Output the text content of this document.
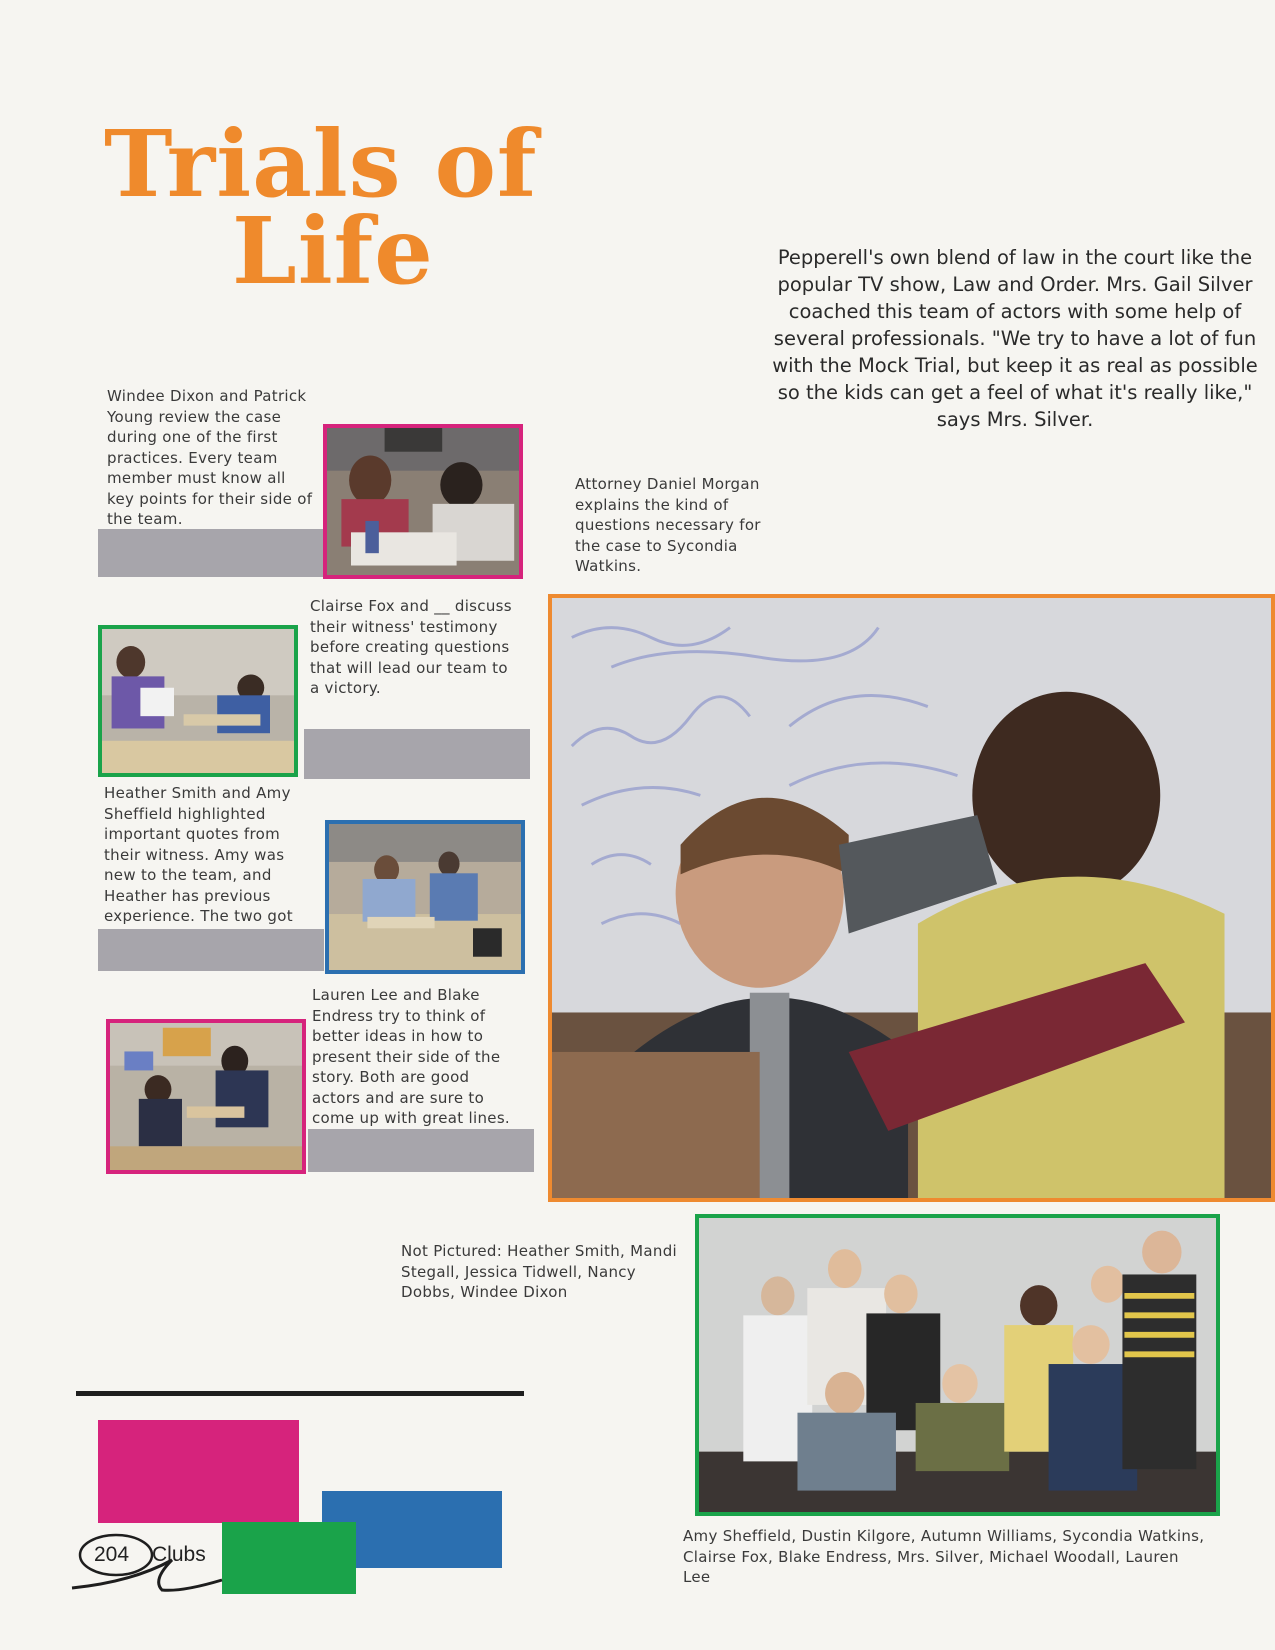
Trials of
Life	Pepperell's own blend of law in the court like the popular TV show, Law and Order. Mrs. Gail Silver coached this team of actors with some help of several professionals. "We try to have a lot of fun with the Mock Trial, but keep it as real as possible so the kids can get a feel of what it's really like," says Mrs. Silver.
Windee Dixon and Patrick Young review the case during one of the first practices. Every team member must know all key points for their side of the team.
Attorney Daniel Morgan explains the kind of questions necessary for the case to Sycondia Watkins.
Clairse Fox and __ discuss their witness' testimony before creating questions that will lead our team to a victory.
Heather Smith and Amy Sheffield highlighted important quotes from their witness. Amy was new to the team, and Heather has previous experience. The two got
Lauren Lee and Blake Endress try to think of better ideas in how to present their side of the story. Both are good actors and are sure to come up with great lines.
Not Pictured: Heather Smith, Mandi Stegall, Jessica Tidwell, Nancy Dobbs, Windee Dixon
Amy Sheffield, Dustin Kilgore, Autumn Williams, Sycondia Watkins, Clairse Fox, Blake Endress, Mrs. Silver, Michael Woodall, Lauren Lee
204 Clubs
